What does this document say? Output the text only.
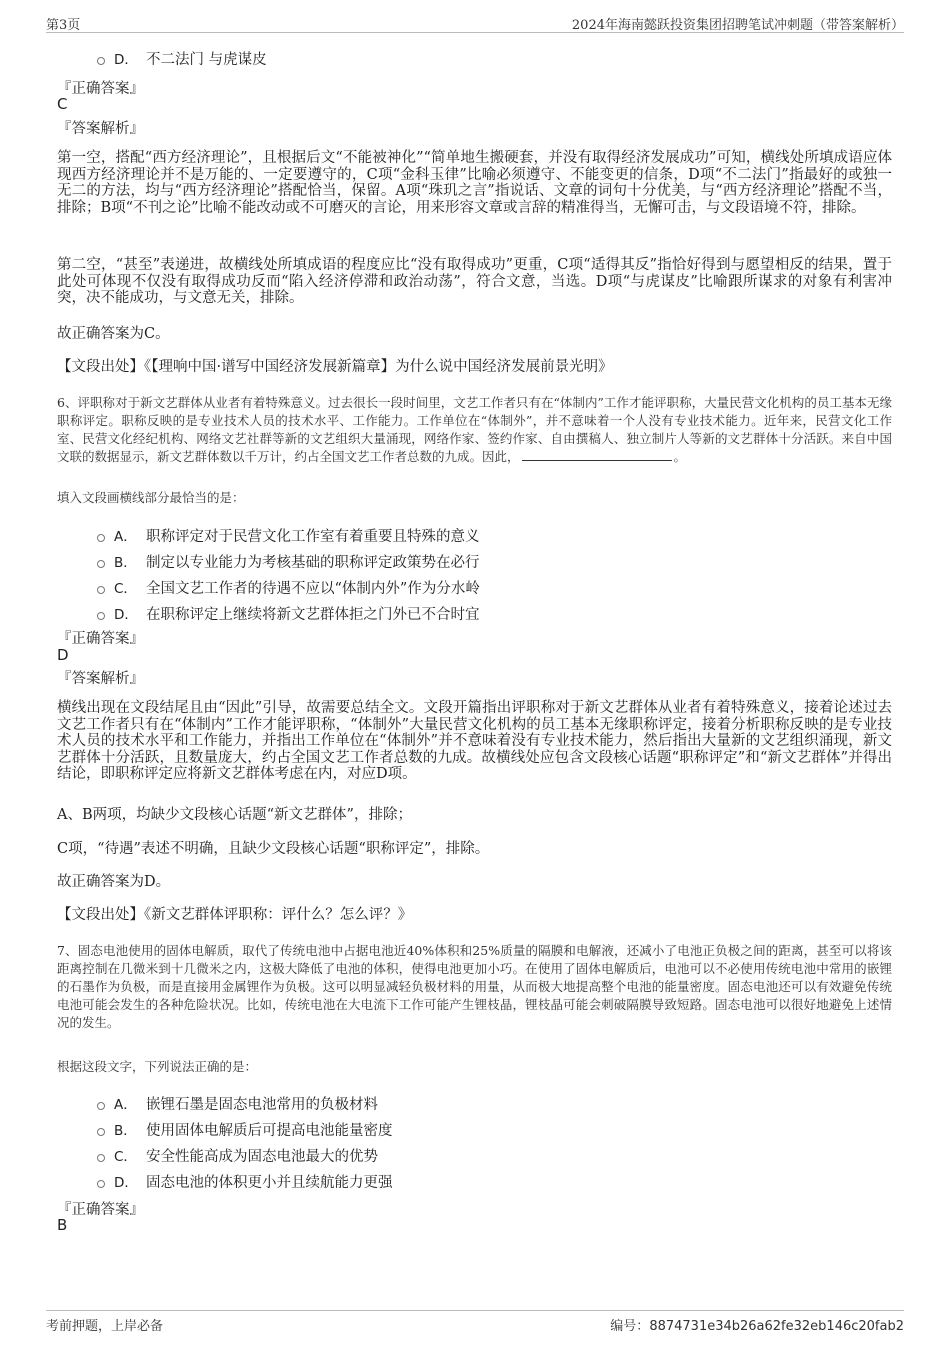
第3页	2024年海南懿跃投资集团招聘笔试冲刺题（带答案解析）
D． 不二法门 与虎谋皮
『正确答案』
C
『答案解析』
第一空，搭配“西方经济理论”，且根据后文“不能被神化”“简单地生搬硬套，并没有取得经济发展成功”可知，横线处所填成语应体现西方经济理论并不是万能的、一定要遵守的，C项“金科玉律”比喻必须遵守、不能变更的信条，D项“不二法门”指最好的或独一无二的方法，均与“西方经济理论”搭配恰当，保留。A项“珠玑之言”指说话、文章的词句十分优美，与“西方经济理论”搭配不当，排除；B项“不刊之论”比喻不能改动或不可磨灭的言论，用来形容文章或言辞的精准得当，无懈可击，与文段语境不符，排除。
第二空，“甚至”表递进，故横线处所填成语的程度应比“没有取得成功”更重，C项“适得其反”指恰好得到与愿望相反的结果，置于此处可体现不仅没有取得成功反而“陷入经济停滞和政治动荡”，符合文意，当选。D项“与虎谋皮”比喻跟所谋求的对象有利害冲突，决不能成功，与文意无关，排除。
故正确答案为C。
【文段出处】《【理响中国·谱写中国经济发展新篇章】为什么说中国经济发展前景光明》
6、评职称对于新文艺群体从业者有着特殊意义。过去很长一段时间里，文艺工作者只有在“体制内”工作才能评职称，大量民营文化机构的员工基本无缘职称评定。职称反映的是专业技术人员的技术水平、工作能力。工作单位在“体制外”，并不意味着一个人没有专业技术能力。近年来，民营文化工作室、民营文化经纪机构、网络文艺社群等新的文艺组织大量涌现，网络作家、签约作家、自由撰稿人、独立制片人等新的文艺群体十分活跃。来自中国文联的数据显示，新文艺群体数以千万计，约占全国文艺工作者总数的九成。因此，	。
填入文段画横线部分最恰当的是：
A． 职称评定对于民营文化工作室有着重要且特殊的意义
B． 制定以专业能力为考核基础的职称评定政策势在必行
C． 全国文艺工作者的待遇不应以“体制内外”作为分水岭
D． 在职称评定上继续将新文艺群体拒之门外已不合时宜
『正确答案』
D
『答案解析』
横线出现在文段结尾且由“因此”引导，故需要总结全文。文段开篇指出评职称对于新文艺群体从业者有着特殊意义，接着论述过去文艺工作者只有在“体制内”工作才能评职称，“体制外”大量民营文化机构的员工基本无缘职称评定，接着分析职称反映的是专业技术人员的技术水平和工作能力，并指出工作单位在“体制外”并不意味着没有专业技术能力，然后指出大量新的文艺组织涌现，新文艺群体十分活跃，且数量庞大，约占全国文艺工作者总数的九成。故横线处应包含文段核心话题“职称评定”和“新文艺群体”并得出结论，即职称评定应将新文艺群体考虑在内，对应D项。
A、B两项，均缺少文段核心话题“新文艺群体”，排除；
C项，“待遇”表述不明确，且缺少文段核心话题“职称评定”，排除。
故正确答案为D。
【文段出处】《新文艺群体评职称：评什么？怎么评？》
7、固态电池使用的固体电解质，取代了传统电池中占据电池近40%体积和25%质量的隔膜和电解液，还减小了电池正负极之间的距离，甚至可以将该距离控制在几微米到十几微米之内，这极大降低了电池的体积，使得电池更加小巧。在使用了固体电解质后，电池可以不必使用传统电池中常用的嵌锂的石墨作为负极，而是直接用金属锂作为负极。这可以明显减轻负极材料的用量，从而极大地提高整个电池的能量密度。固态电池还可以有效避免传统电池可能会发生的各种危险状况。比如，传统电池在大电流下工作可能产生锂枝晶，锂枝晶可能会刺破隔膜导致短路。固态电池可以很好地避免上述情况的发生。
根据这段文字，下列说法正确的是：
A． 嵌锂石墨是固态电池常用的负极材料
B． 使用固体电解质后可提高电池能量密度
C． 安全性能高成为固态电池最大的优势
D． 固态电池的体积更小并且续航能力更强
『正确答案』
B
考前押题，上岸必备	编号：8874731e34b26a62fe32eb146c20fab2
